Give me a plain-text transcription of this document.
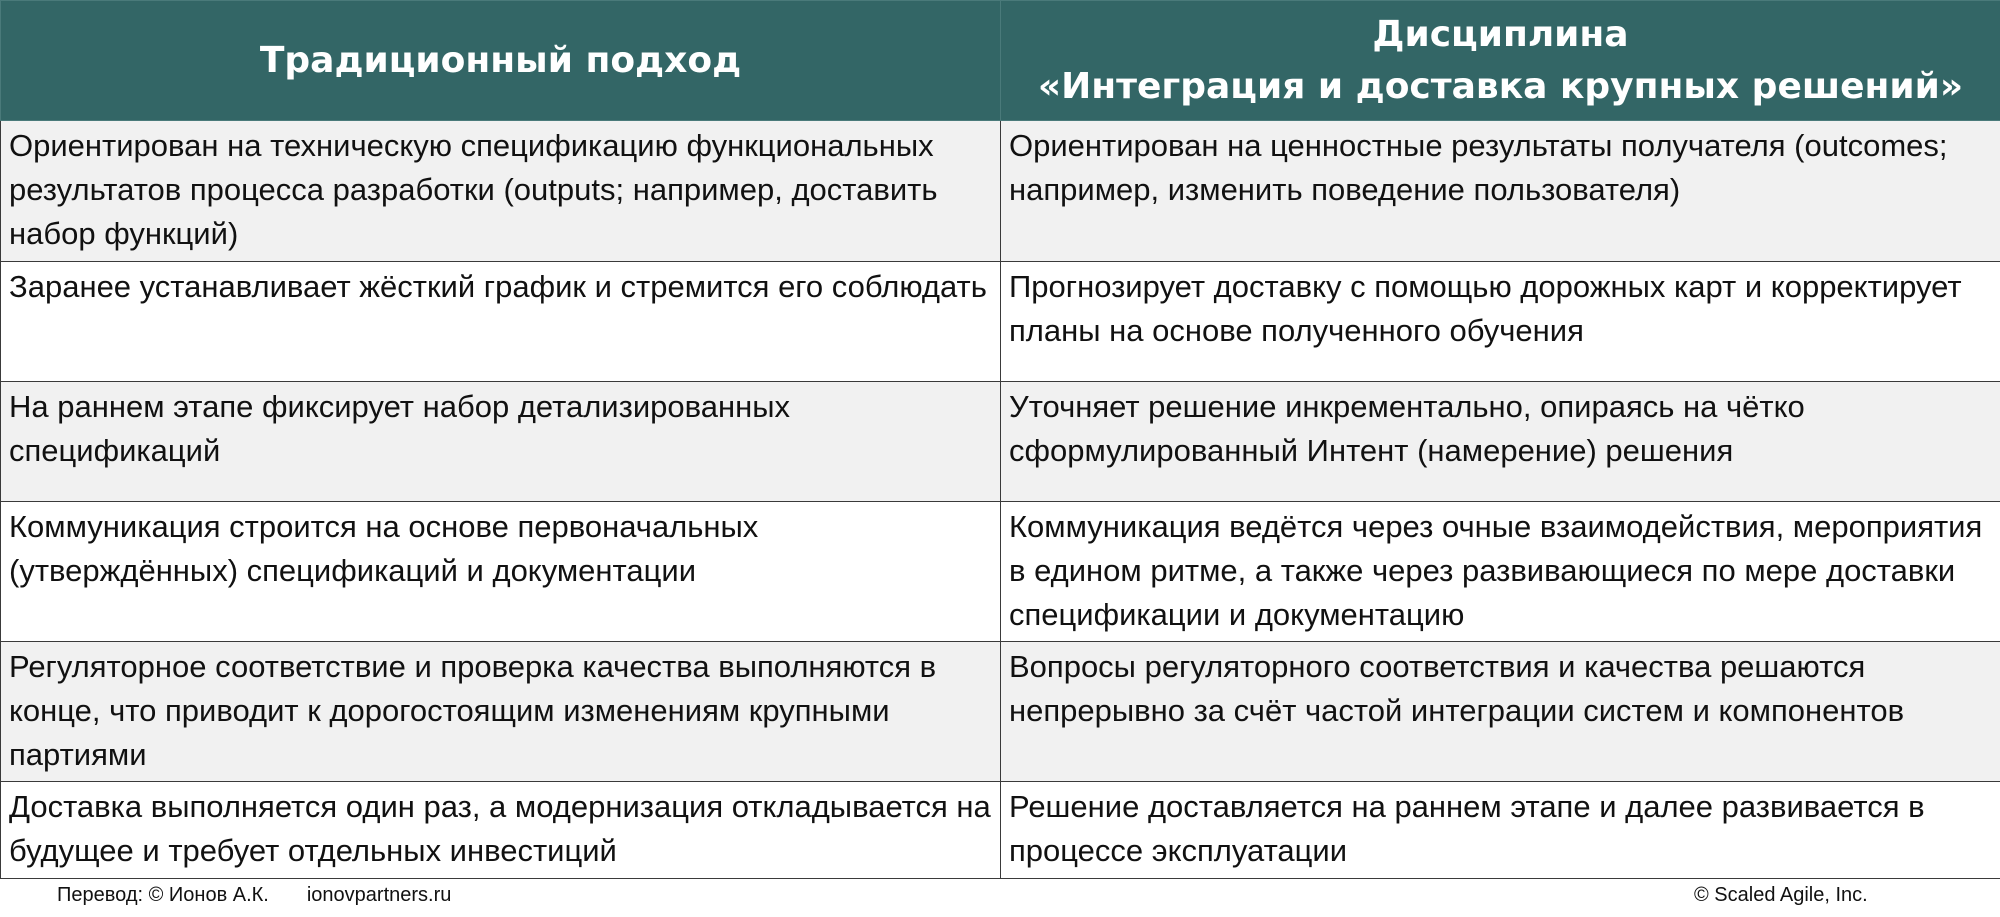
Традиционный подход	Дисциплина
«Интеграция и доставка крупных решений»

Ориентирован на техническую спецификацию функциональных результатов процесса разработки (outputs; например, доставить набор функций)	Ориентирован на ценностные результаты получателя (outcomes; например, изменить поведение пользователя)
Заранее устанавливает жёсткий график и стремится его соблюдать	Прогнозирует доставку с помощью дорожных карт и корректирует планы на основе полученного обучения
На раннем этапе фиксирует набор детализированных спецификаций	Уточняет решение инкрементально, опираясь на чётко сформулированный Интент (намерение) решения
Коммуникация строится на основе первоначальных (утверждённых) спецификаций и документации	Коммуникация ведётся через очные взаимодействия, мероприятия в едином ритме, а также через развивающиеся по мере доставки спецификации и документацию
Регуляторное соответствие и проверка качества выполняются в конце, что приводит к дорогостоящим изменениям крупными партиями	Вопросы регуляторного соответствия и качества решаются непрерывно за счёт частой интеграции систем и компонентов
Доставка выполняется один раз, а модернизация откладывается на будущее и требует отдельных инвестиций	Решение доставляется на раннем этапе и далее развивается в процессе эксплуатации
Перевод: © Ионов А.К. ionovpartners.ru	© Scaled Agile, Inc.
